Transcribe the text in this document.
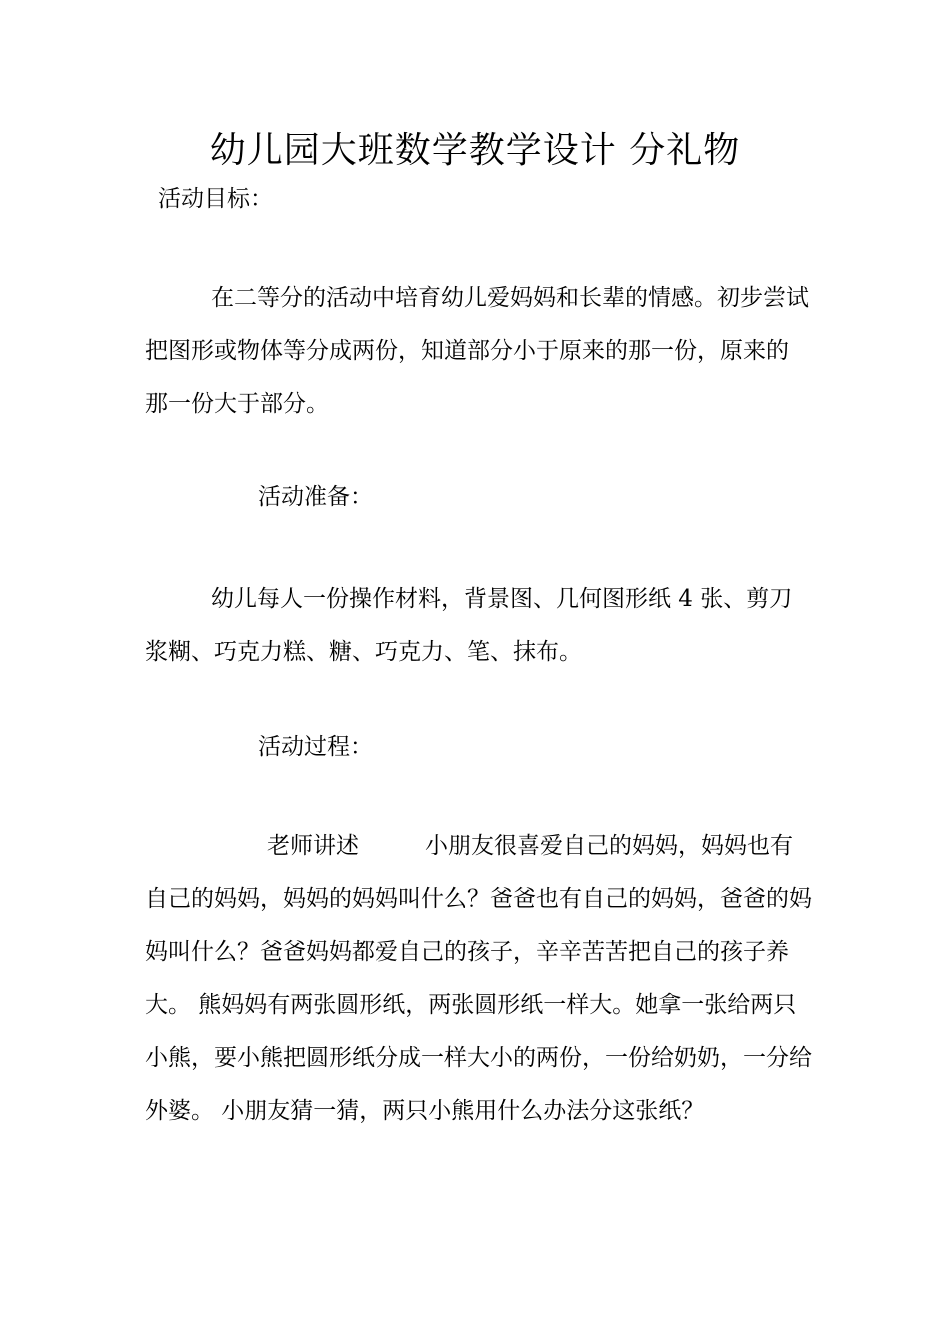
幼儿园大班数学教学设计 分礼物
活动目标：

在二等分的活动中培育幼儿爱妈妈和长辈的情感。初步尝试把图形或物体等分成两份，知道部分小于原来的那一份，原来的那一份大于部分。

活动准备：

幼儿每人一份操作材料，背景图、几何图形纸 4 张、剪刀浆糊、巧克力糕、糖、巧克力、笔、抹布。

活动过程：

老师讲述	小朋友很喜爱自己的妈妈，妈妈也有自己的妈妈，妈妈的妈妈叫什么？爸爸也有自己的妈妈，爸爸的妈妈叫什么？爸爸妈妈都爱自己的孩子，辛辛苦苦把自己的孩子养大。 熊妈妈有两张圆形纸，两张圆形纸一样大。她拿一张给两只小熊，要小熊把圆形纸分成一样大小的两份，一份给奶奶，一分给外婆。 小朋友猜一猜，两只小熊用什么办法分这张纸？
